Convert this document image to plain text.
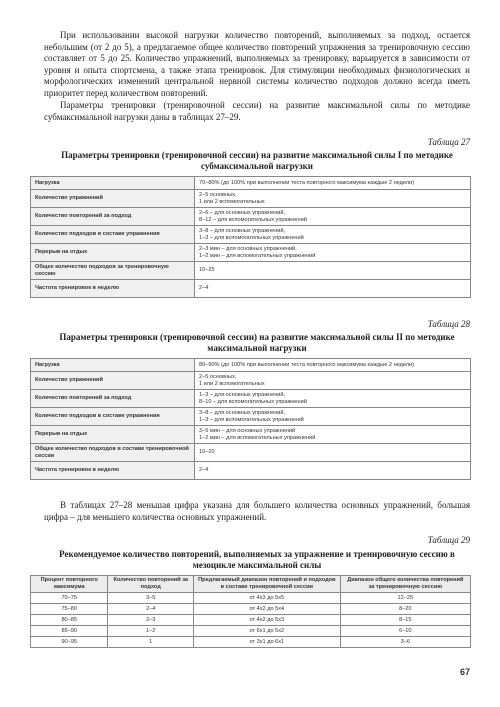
При использовании высокой нагрузки количество повторений, выполняемых за подход, остается небольшим (от 2 до 5), а предлагаемое общее количество повторений упражнения за тренировочную сессию составляет от 5 до 25. Количество упражнений, выполняемых за тренировку, варьируется в зависимости от уровня и опыта спортсмена, а также этапа тренировок. Для стимуляции необходимых физиологических и морфологических изменений центральной нервной системы количество подходов должно всегда иметь приоритет перед количеством повторений.

Параметры тренировки (тренировочной сессии) на развитие максимальной силы по методике субмаксимальной нагрузки даны в таблицах 27–29.

Таблица 27

Параметры тренировки (тренировочной сессии) на развитие максимальной силы I по методике субмаксимальной нагрузки

Нагрузка	70–80% (до 100% при выполнении теста повторного максимума каждые 2 недели)
Количество упражнений	2–5 основных,
1 или 2 вспомогательных
Количество повторений за подход	2–6 – для основных упражнений,
8–12 – для вспомогательных упражнений
Количество подходов в составе упражнения	3–8 – для основных упражнений,
1–3 – для вспомогательных упражнений
Перерыв на отдых	2–3 мин – для основных упражнений,
1–2 мин – для вспомогательных упражнений
Общее количество подходов за тренировочную сессию	10–25
Частота тренировок в неделю	2–4

Таблица 28

Параметры тренировки (тренировочной сессии) на развитие максимальной силы II по методике максимальной нагрузки

Нагрузка	80–90% (до 100% при выполнении теста повторного максимума каждые 2 недели)
Количество упражнений	2–5 основных,
1 или 2 вспомогательных
Количество повторений за подход	1–3 – для основных упражнений,
8–10 – для вспомогательных упражнений
Количество подходов в составе упражнения	3–8 – для основных упражнений,
1–3 – для вспомогательных упражнений
Перерыв на отдых	3–5 мин – для основных упражнений
1–2 мин – для вспомогательных упражнений
Общее количество подходов в составе тренировочной сессии	10–20
Частота тренировок в неделю	2–4

В таблицах 27–28 меньшая цифра указана для большего количества основных упражнений, большая цифра – для меньшего количества основных упражнений.

Таблица 29

Рекомендуемое количество повторений, выполняемых за упражнение и тренировочную сессию в мезоцикле максимальной силы

Процент повторного максимума	Количество повторений за подход	Предлагаемый диапазон повторений и подходов в составе тренировочной сессии	Диапазон общего количества повторений за тренировочную сессию
70–75	3–5	от 4х3 до 5х5	12–25
75–80	2–4	от 4х2 до 5х4	8–20
80–85	2–3	от 4х2 до 5х3	8–15
85–90	1–2	от 6х1 до 5х2	6–10
90–95	1	от 3х1 до 6х1	3–6
67
